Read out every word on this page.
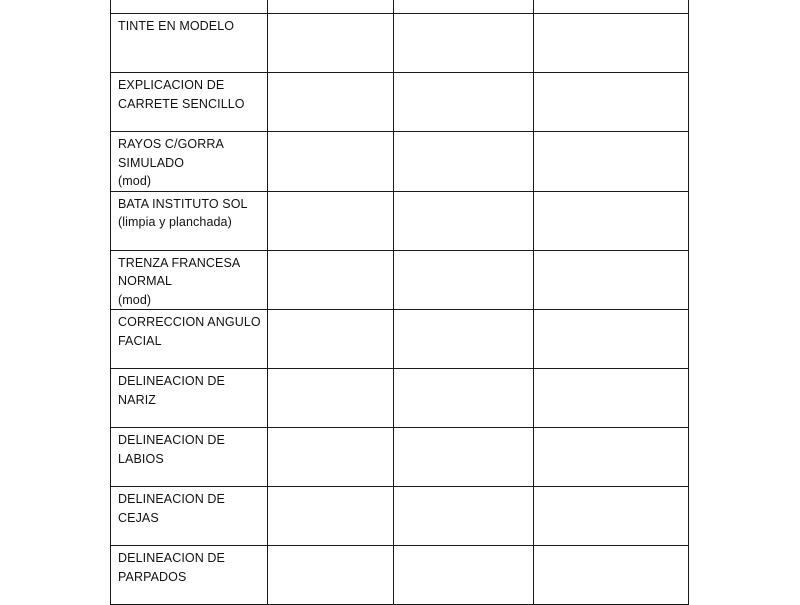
TINTE EN MODELO			

EXPLICACION DE
CARRETE SENCILLO			

RAYOS C/GORRA
SIMULADO
(mod)			

BATA INSTITUTO SOL
(limpia y planchada)			

TRENZA FRANCESA
NORMAL
(mod)			

CORRECCION ANGULO
FACIAL			

DELINEACION DE NARIZ			

DELINEACION DE
LABIOS			

DELINEACION DE CEJAS			

DELINEACION DE
PARPADOS			
